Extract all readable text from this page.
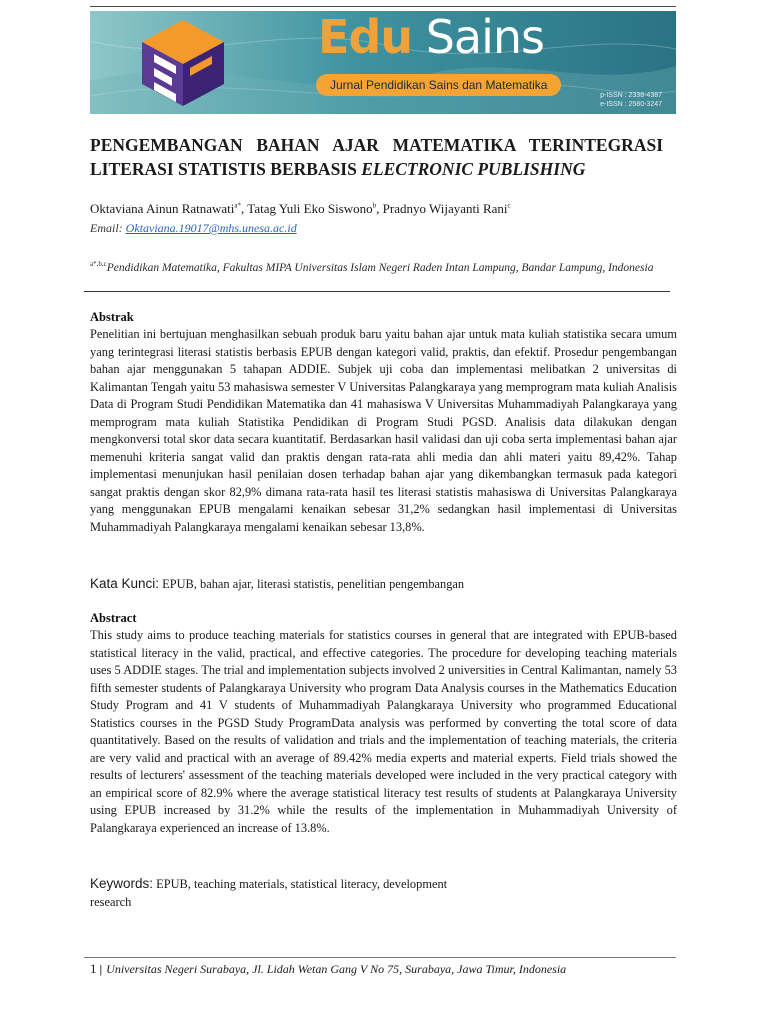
Edu Sains
Jurnal Pendidikan Sains dan Matematika
p-ISSN : 2338-4387
e-ISSN : 2580-3247
PENGEMBANGAN BAHAN AJAR MATEMATIKA TERINTEGRASI
LITERASI STATISTIS BERBASIS ELECTRONIC PUBLISHING
Oktaviana Ainun Ratnawati$^{a*}$, Tatag Yuli Eko Siswono$^b$, Pradnyo Wijayanti Rani$^c$
Email: Oktaviana.19017@mhs.unesa.ac.id
$^{a*,b,c}$Pendidikan Matematika, Fakultas MIPA Universitas Islam Negeri Raden Intan Lampung, Bandar Lampung, Indonesia
Abstrak
Penelitian ini bertujuan menghasilkan sebuah produk baru yaitu bahan ajar untuk mata kuliah statistika secara umum yang terintegrasi literasi statistis berbasis EPUB dengan kategori valid, praktis, dan efektif. Prosedur pengembangan bahan ajar menggunakan 5 tahapan ADDIE. Subjek uji coba dan implementasi melibatkan 2 universitas di Kalimantan Tengah yaitu 53 mahasiswa semester V Universitas Palangkaraya yang memprogram mata kuliah Analisis Data di Program Studi Pendidikan Matematika dan 41 mahasiswa V Universitas Muhammadiyah Palangkaraya yang memprogram mata kuliah Statistika Pendidikan di Program Studi PGSD. Analisis data dilakukan dengan mengkonversi total skor data secara kuantitatif. Berdasarkan hasil validasi dan uji coba serta implementasi bahan ajar memenuhi kriteria sangat valid dan praktis dengan rata-rata ahli media dan ahli materi yaitu 89,42%. Tahap implementasi menunjukan hasil penilaian dosen terhadap bahan ajar yang dikembangkan termasuk pada kategori sangat praktis dengan skor 82,9% dimana rata-rata hasil tes literasi statistis mahasiswa di Universitas Palangkaraya yang menggunakan EPUB mengalami kenaikan sebesar 31,2% sedangkan hasil implementasi di Universitas Muhammadiyah Palangkaraya mengalami kenaikan sebesar 13,8%.
Kata Kunci: EPUB, bahan ajar, literasi statistis, penelitian pengembangan
Abstract
This study aims to produce teaching materials for statistics courses in general that are integrated with EPUB-based statistical literacy in the valid, practical, and effective categories. The procedure for developing teaching materials uses 5 ADDIE stages. The trial and implementation subjects involved 2 universities in Central Kalimantan, namely 53 fifth semester students of Palangkaraya University who program Data Analysis courses in the Mathematics Education Study Program and 41 V students of Muhammadiyah Palangkaraya University who programmed Educational Statistics courses in the PGSD Study ProgramData analysis was performed by converting the total score of data quantitatively. Based on the results of validation and trials and the implementation of teaching materials, the criteria are very valid and practical with an average of 89.42% media experts and material experts. Field trials showed the results of lecturers' assessment of the teaching materials developed were included in the very practical category with an empirical score of 82.9% where the average statistical literacy test results of students at Palangkaraya University using EPUB increased by 31.2% while the results of the implementation in Muhammadiyah University of Palangkaraya experienced an increase of 13.8%.
Keywords: EPUB, teaching materials, statistical literacy, development research
1 | Universitas Negeri Surabaya, Jl. Lidah Wetan Gang V No 75, Surabaya, Jawa Timur, Indonesia
